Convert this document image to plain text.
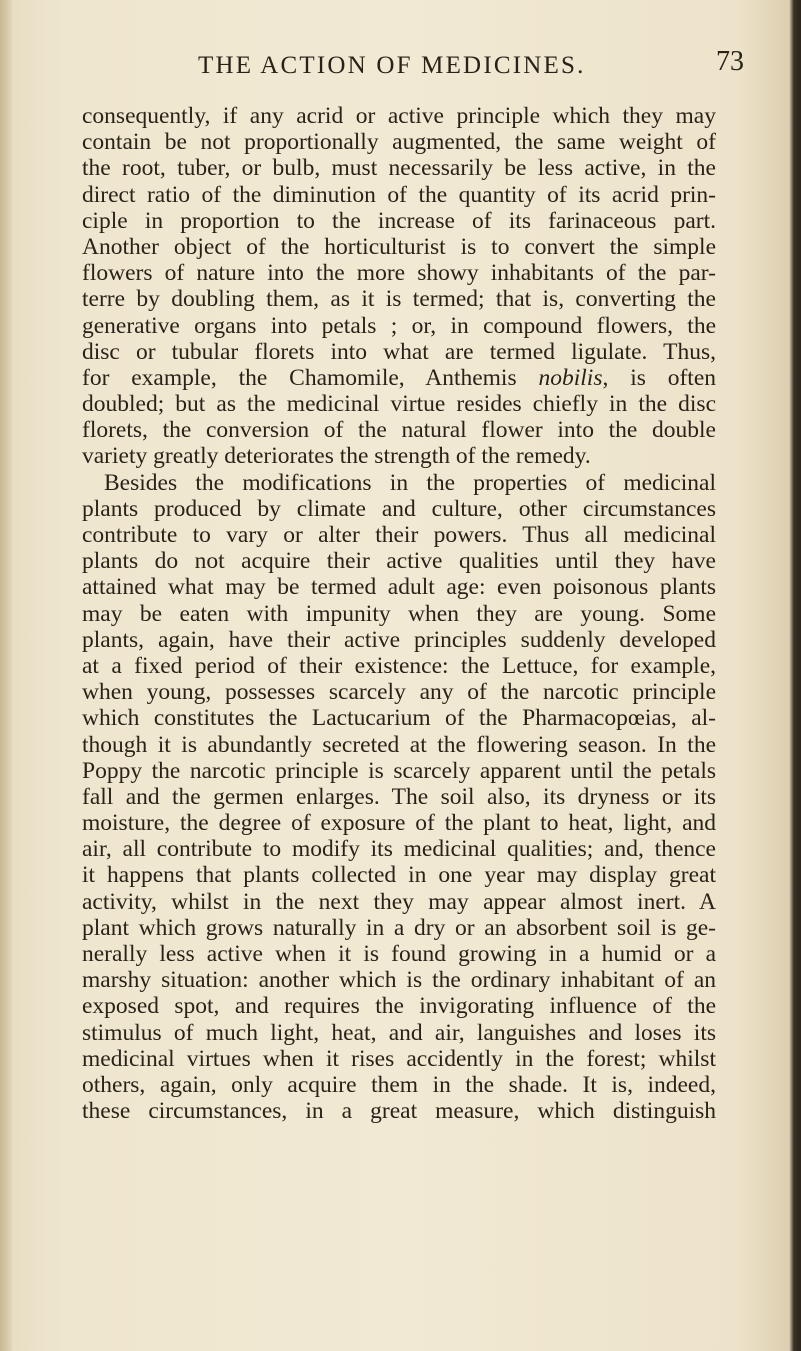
THE ACTION OF MEDICINES.	73
consequently, if any acrid or active principle which they may
contain be not proportionally augmented, the same weight of
the root, tuber, or bulb, must necessarily be less active, in the
direct ratio of the diminution of the quantity of its acrid prin-
ciple in proportion to the increase of its farinaceous part.
Another object of the horticulturist is to convert the simple
flowers of nature into the more showy inhabitants of the par-
terre by doubling them, as it is termed; that is, converting the
generative organs into petals ; or, in compound flowers, the
disc or tubular florets into what are termed ligulate. Thus,
for example, the Chamomile, Anthemis nobilis, is often
doubled; but as the medicinal virtue resides chiefly in the disc
florets, the conversion of the natural flower into the double
variety greatly deteriorates the strength of the remedy.
Besides the modifications in the properties of medicinal
plants produced by climate and culture, other circumstances
contribute to vary or alter their powers. Thus all medicinal
plants do not acquire their active qualities until they have
attained what may be termed adult age: even poisonous plants
may be eaten with impunity when they are young. Some
plants, again, have their active principles suddenly developed
at a fixed period of their existence: the Lettuce, for example,
when young, possesses scarcely any of the narcotic principle
which constitutes the Lactucarium of the Pharmacopœias, al-
though it is abundantly secreted at the flowering season. In the
Poppy the narcotic principle is scarcely apparent until the petals
fall and the germen enlarges. The soil also, its dryness or its
moisture, the degree of exposure of the plant to heat, light, and
air, all contribute to modify its medicinal qualities; and, thence
it happens that plants collected in one year may display great
activity, whilst in the next they may appear almost inert. A
plant which grows naturally in a dry or an absorbent soil is ge-
nerally less active when it is found growing in a humid or a
marshy situation: another which is the ordinary inhabitant of an
exposed spot, and requires the invigorating influence of the
stimulus of much light, heat, and air, languishes and loses its
medicinal virtues when it rises accidently in the forest; whilst
others, again, only acquire them in the shade. It is, indeed,
these circumstances, in a great measure, which distinguish
